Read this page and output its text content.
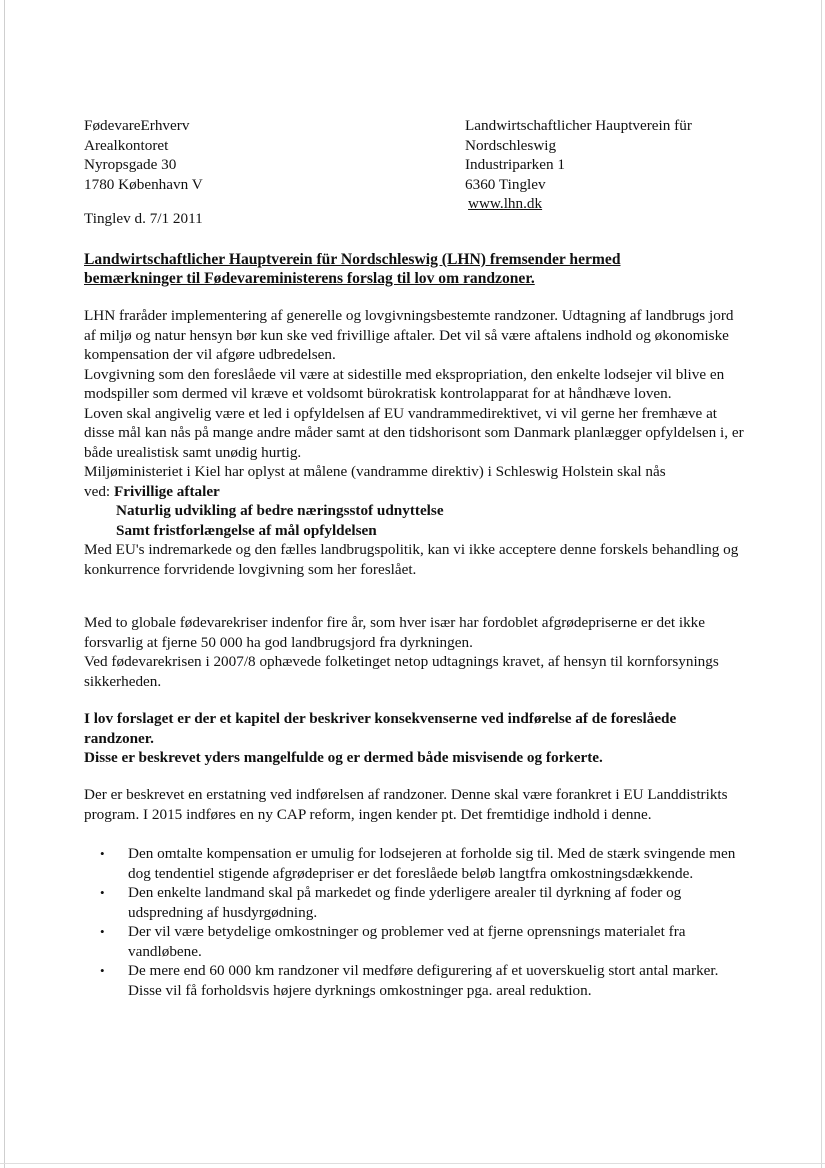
FødevareErhverv
Arealkontoret
Nyropsgade 30
1780 København V
Landwirtschaftlicher Hauptverein für
Nordschleswig
Industriparken 1
6360 Tinglev
www.lhn.dk
Tinglev d. 7/1 2011
Landwirtschaftlicher Hauptverein für Nordschleswig (LHN) fremsender hermed
bemærkninger til Fødevareministerens forslag til lov om randzoner.

LHN fraråder implementering af generelle og lovgivningsbestemte randzoner. Udtagning af landbrugs jord af miljø og natur hensyn bør kun ske ved frivillige aftaler. Det vil så være aftalens indhold og økonomiske kompensation der vil afgøre udbredelsen.

Lovgivning som den foreslåede vil være at sidestille med ekspropriation, den enkelte lodsejer vil blive en modspiller som dermed vil kræve et voldsomt bürokratisk kontrolapparat for at håndhæve loven.

Loven skal angivelig være et led i opfyldelsen af EU vandrammedirektivet, vi vil gerne her fremhæve at disse mål kan nås på mange andre måder samt at den tidshorisont som Danmark planlægger opfyldelsen i, er både urealistisk samt unødig hurtig.

Miljøministeriet i Kiel har oplyst at målene (vandramme direktiv) i Schleswig Holstein skal nås
ved: Frivillige aftaler

Naturlig udvikling af bedre næringsstof udnyttelse

Samt fristforlængelse af mål opfyldelsen

Med EU's indremarkede og den fælles landbrugspolitik, kan vi ikke acceptere denne forskels behandling og konkurrence forvridende lovgivning som her foreslået.

Med to globale fødevarekriser indenfor fire år, som hver især har fordoblet afgrødepriserne er det ikke forsvarlig at fjerne 50 000 ha god landbrugsjord fra dyrkningen.

Ved fødevarekrisen i 2007/8 ophævede folketinget netop udtagnings kravet, af hensyn til kornforsynings sikkerheden.

I lov forslaget er der et kapitel der beskriver konsekvenserne ved indførelse af de foreslåede randzoner.

Disse er beskrevet yders mangelfulde og er dermed både misvisende og forkerte.

Der er beskrevet en erstatning ved indførelsen af randzoner. Denne skal være forankret i EU Landdistrikts program. I 2015 indføres en ny CAP reform, ingen kender pt. Det fremtidige indhold i denne.

• Den omtalte kompensation er umulig for lodsejeren at forholde sig til. Med de stærk svingende men dog tendentiel stigende afgrødepriser er det foreslåede beløb langtfra omkostningsdækkende.
• Den enkelte landmand skal på markedet og finde yderligere arealer til dyrkning af foder og udspredning af husdyrgødning.
• Der vil være betydelige omkostninger og problemer ved at fjerne oprensnings materialet fra vandløbene.
• De mere end 60 000 km randzoner vil medføre defigurering af et uoverskuelig stort antal marker. Disse vil få forholdsvis højere dyrknings omkostninger pga. areal reduktion.
